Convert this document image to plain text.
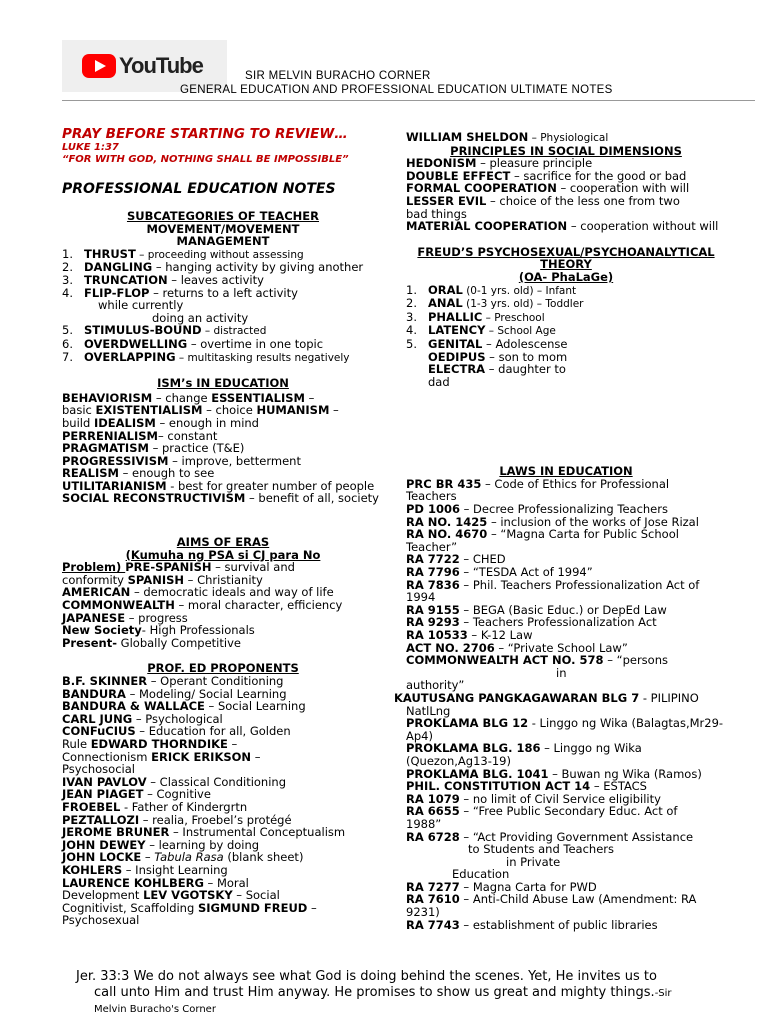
YouTube	SIR MELVIN BURACHO CORNER
GENERAL EDUCATION AND PROFESSIONAL EDUCATION ULTIMATE NOTES
PRAY BEFORE STARTING TO REVIEW…
LUKE 1:37
“FOR WITH GOD, NOTHING SHALL BE IMPOSSIBLE”
PROFESSIONAL EDUCATION NOTES
SUBCATEGORIES OF TEACHER
MOVEMENT/MOVEMENT
MANAGEMENT
1. THRUST – proceeding without assessing
2. DANGLING – hanging activity by giving another
3. TRUNCATION – leaves activity
4. FLIP-FLOP – returns to a left activity
while currently
doing an activity
5. STIMULUS-BOUND – distracted
6. OVERDWELLING – overtime in one topic
7. OVERLAPPING – multitasking results negatively
ISM’s IN EDUCATION
BEHAVIORISM – change ESSENTIALISM –
basic EXISTENTIALISM – choice HUMANISM –
build IDEALISM – enough in mind
PERRENIALISM– constant
PRAGMATISM – practice (T&E)
PROGRESSIVISM – improve, betterment
REALISM – enough to see
UTILITARIANISM - best for greater number of people
SOCIAL RECONSTRUCTIVISM – benefit of all, society
AIMS OF ERAS
(Kumuha ng PSA si CJ para No
Problem) PRE-SPANISH – survival and
conformity SPANISH – Christianity
AMERICAN – democratic ideals and way of life
COMMONWEALTH – moral character, efficiency
JAPANESE – progress
New Society- High Professionals
Present- Globally Competitive
PROF. ED PROPONENTS
B.F. SKINNER – Operant Conditioning
BANDURA – Modeling/ Social Learning
BANDURA & WALLACE – Social Learning
CARL JUNG – Psychological
CONFuCIUS – Education for all, Golden
Rule EDWARD THORNDIKE –
Connectionism ERICK ERIKSON –
Psychosocial
IVAN PAVLOV – Classical Conditioning
JEAN PIAGET – Cognitive
FROEBEL - Father of Kindergrtn
PEZTALLOZI – realia, Froebel’s protégé
JEROME BRUNER – Instrumental Conceptualism
JOHN DEWEY – learning by doing
JOHN LOCKE – Tabula Rasa (blank sheet)
KOHLERS – Insight Learning
LAURENCE KOHLBERG – Moral
Development LEV VGOTSKY – Social
Cognitivist, Scaffolding SIGMUND FREUD –
Psychosexual
WILLIAM SHELDON – Physiological
PRINCIPLES IN SOCIAL DIMENSIONS
HEDONISM – pleasure principle
DOUBLE EFFECT – sacrifice for the good or bad
FORMAL COOPERATION – cooperation with will
LESSER EVIL – choice of the less one from two
bad things
MATERIAL COOPERATION – cooperation without will
FREUD’S PSYCHOSEXUAL/PSYCHOANALYTICAL
THEORY
(OA- PhaLaGe)
1. ORAL (0-1 yrs. old) – Infant
2. ANAL (1-3 yrs. old) – Toddler
3. PHALLIC – Preschool
4. LATENCY – School Age
5. GENITAL – Adolescense
OEDIPUS – son to mom
ELECTRA – daughter to
dad
LAWS IN EDUCATION
PRC BR 435 – Code of Ethics for Professional
Teachers
PD 1006 – Decree Professionalizing Teachers
RA NO. 1425 – inclusion of the works of Jose Rizal
RA NO. 4670 – “Magna Carta for Public School
Teacher”
RA 7722 – CHED
RA 7796 – “TESDA Act of 1994”
RA 7836 – Phil. Teachers Professionalization Act of
1994
RA 9155 – BEGA (Basic Educ.) or DepEd Law
RA 9293 – Teachers Professionalization Act
RA 10533 – K-12 Law
ACT NO. 2706 – “Private School Law”
COMMONWEALTH ACT NO. 578 – “persons
in
authority”
KAUTUSANG PANGKAGAWARAN BLG 7 - PILIPINO
NatlLng
PROKLAMA BLG 12 - Linggo ng Wika (Balagtas,Mr29-
Ap4)
PROKLAMA BLG. 186 – Linggo ng Wika
(Quezon,Ag13-19)
PROKLAMA BLG. 1041 – Buwan ng Wika (Ramos)
PHIL. CONSTITUTION ACT 14 – ESTACS
RA 1079 – no limit of Civil Service eligibility
RA 6655 – “Free Public Secondary Educ. Act of
1988”
RA 6728 – “Act Providing Government Assistance
to Students and Teachers
in Private
Education
RA 7277 – Magna Carta for PWD
RA 7610 – Anti-Child Abuse Law (Amendment: RA
9231)
RA 7743 – establishment of public libraries
Jer. 33:3 We do not always see what God is doing behind the scenes. Yet, He invites us to
call unto Him and trust Him anyway. He promises to show us great and mighty things.-Sir
Melvin Buracho's Corner
